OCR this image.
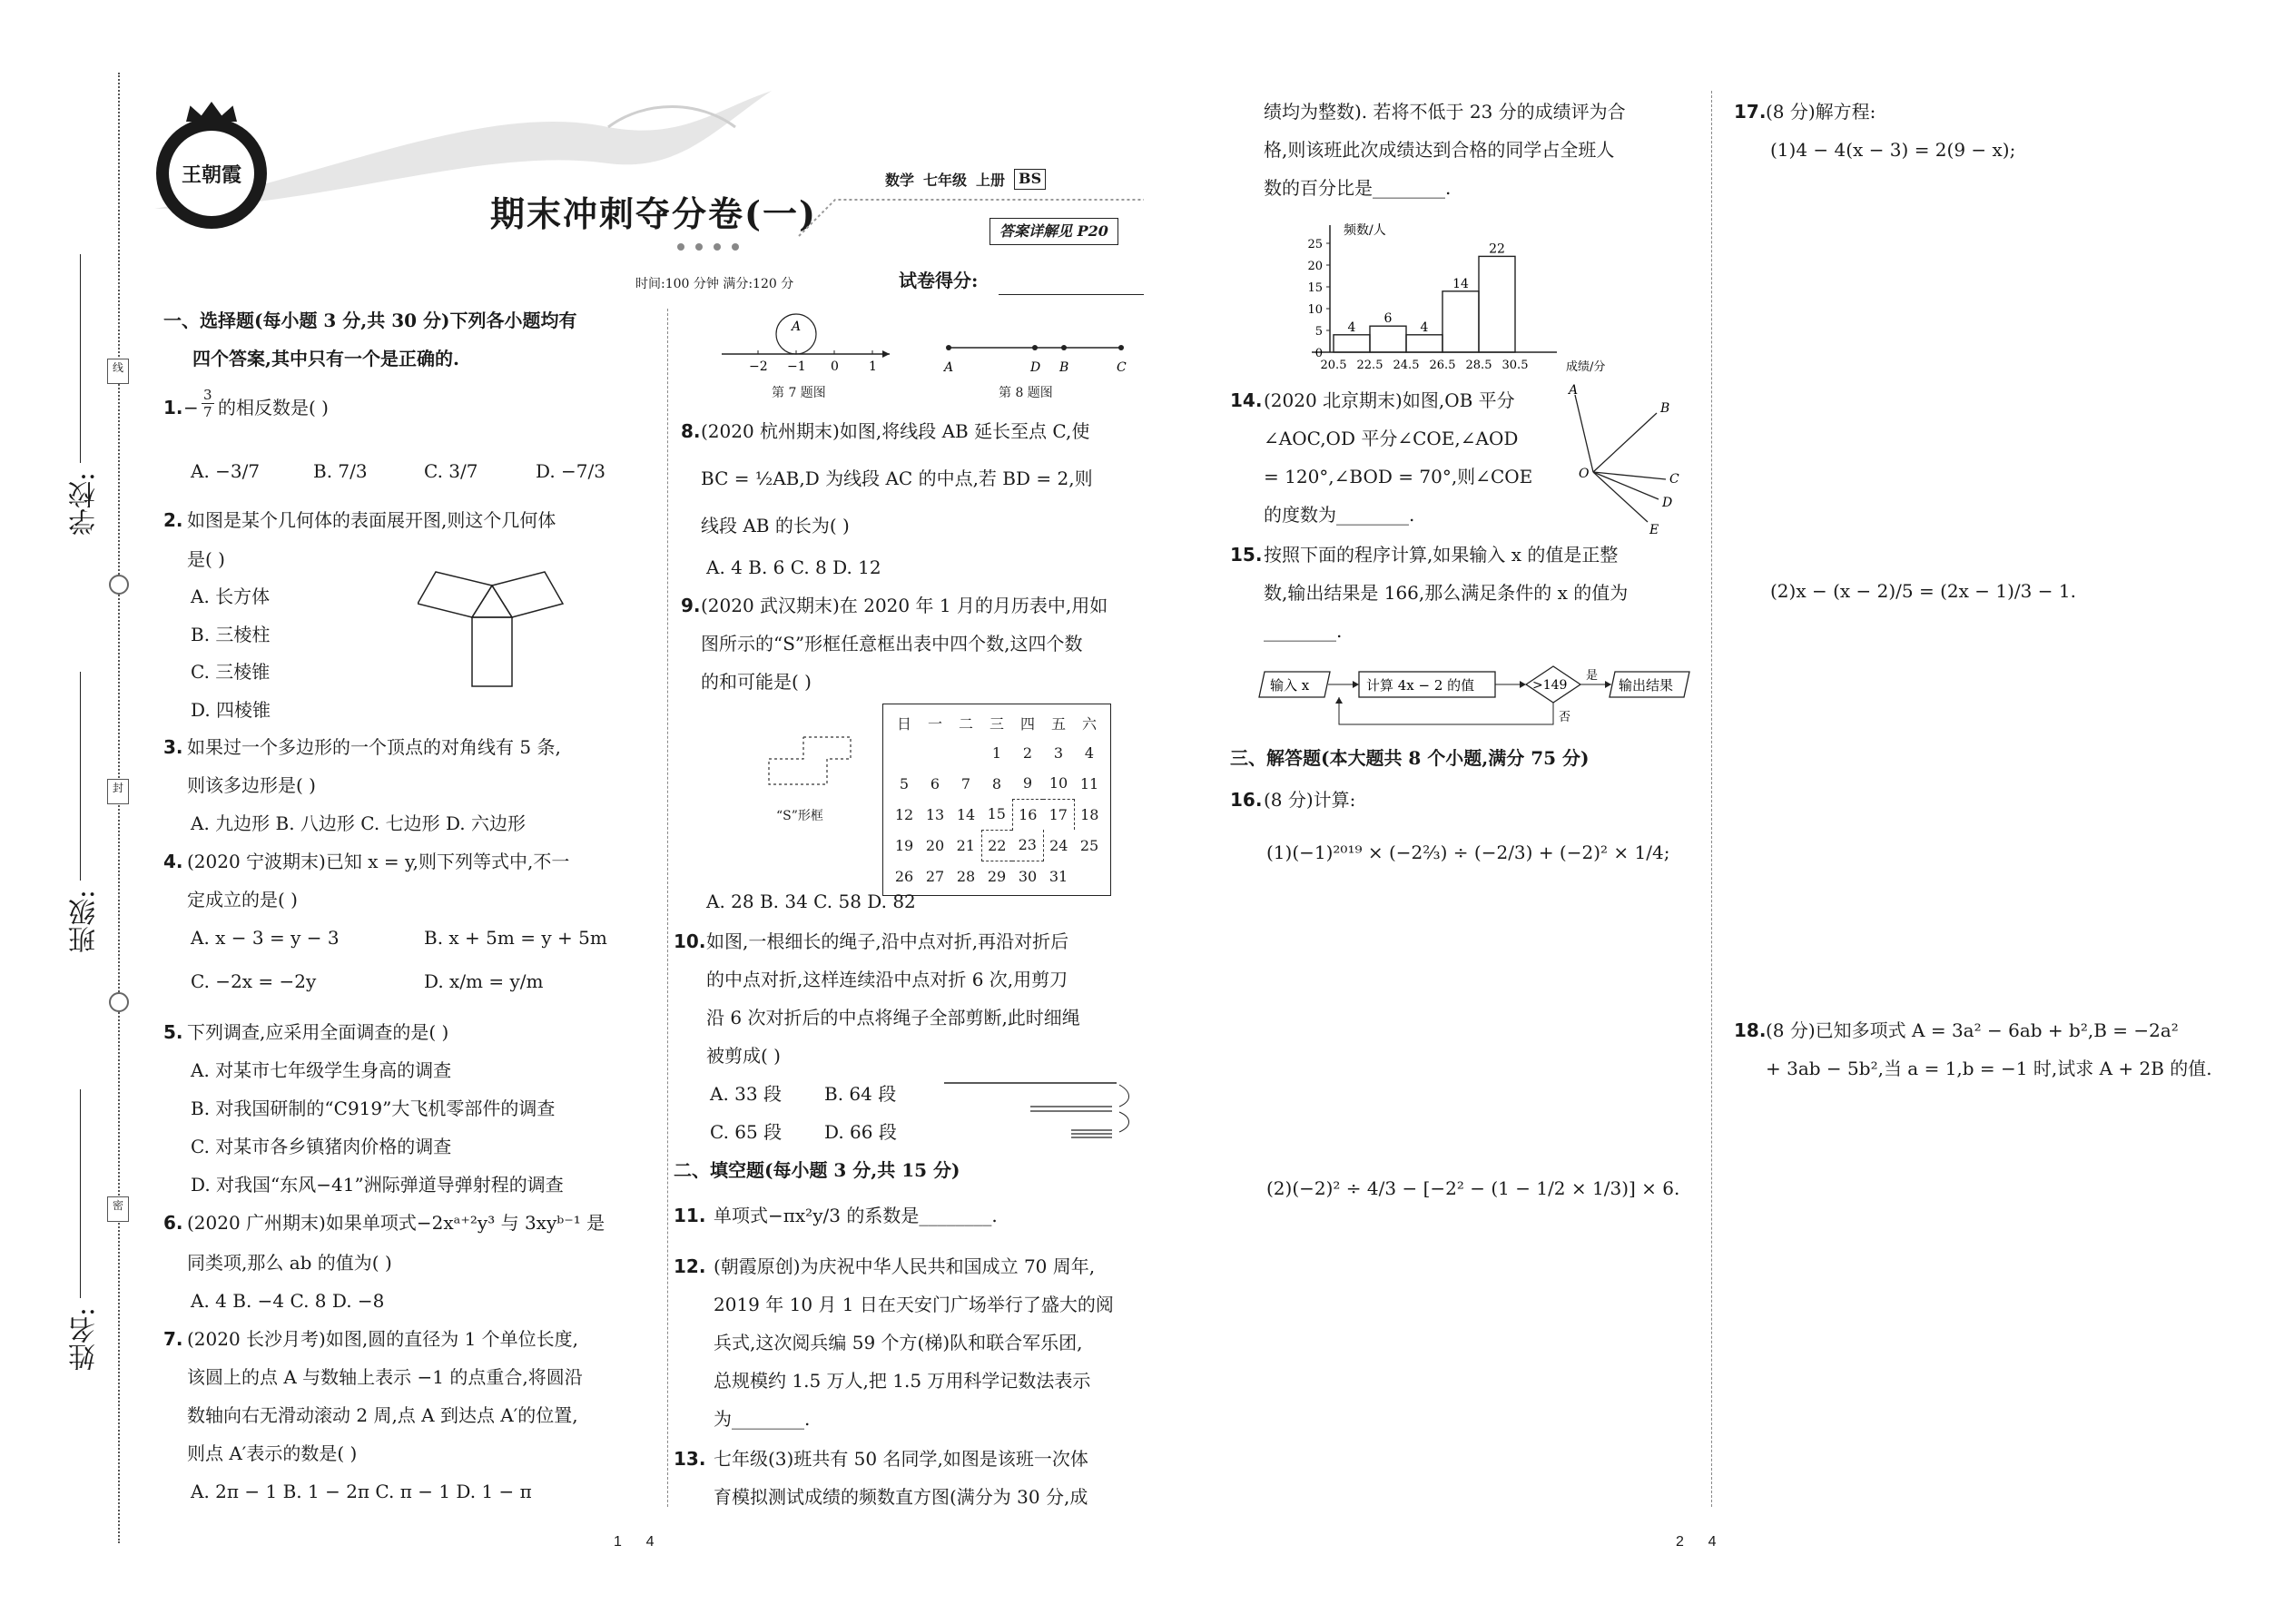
学校:
班级:
姓名:
线
封
密
王朝霞
期末冲刺夺分卷(一)
数学 七年级 上册 BS
答案详解见 P20
时间:100 分钟 满分:120 分	试卷得分:
一、选择题(每小题 3 分,共 30 分)下列各小题均有
四个答案,其中只有一个是正确的.
1. −
3
7 的相反数是( )
A. −3/7	B. 7/3	C. 3/7	D. −7/3
2. 如图是某个几何体的表面展开图,则这个几何体
是( )
A. 长方体
B. 三棱柱
C. 三棱锥
D. 四棱锥
3. 如果过一个多边形的一个顶点的对角线有 5 条,
则该多边形是( )
A. 九边形 B. 八边形 C. 七边形 D. 六边形
4. (2020 宁波期末)已知 x = y,则下列等式中,不一
定成立的是( )
A. x − 3 = y − 3	B. x + 5m = y + 5m
C. −2x = −2y	D. x/m = y/m
5. 下列调查,应采用全面调查的是( )
A. 对某市七年级学生身高的调查
B. 对我国研制的“C919”大飞机零部件的调查
C. 对某市各乡镇猪肉价格的调查
D. 对我国“东风−41”洲际弹道导弹射程的调查
6. (2020 广州期末)如果单项式−2xᵃ⁺²y³ 与 3xyᵇ⁻¹ 是
同类项,那么 ab 的值为( )
A. 4 B. −4 C. 8 D. −8
7. (2020 长沙月考)如图,圆的直径为 1 个单位长度,
该圆上的点 A 与数轴上表示 −1 的点重合,将圆沿
数轴向右无滑动滚动 2 周,点 A 到达点 A′的位置,
则点 A′表示的数是( )
A. 2π − 1 B. 1 − 2π C. π − 1 D. 1 − π
A
−2 −1 0 1
第 7 题图
A	D B	C
第 8 题图
8. (2020 杭州期末)如图,将线段 AB 延长至点 C,使
BC = ½AB,D 为线段 AC 的中点,若 BD = 2,则
线段 AB 的长为( )
A. 4 B. 6 C. 8 D. 12
9. (2020 武汉期末)在 2020 年 1 月的月历表中,用如
图所示的“S”形框任意框出表中四个数,这四个数
的和可能是( )
“S”形框
日	一	二	三	四	五	六
			1	2	3	4
5	6	7	8	9	10	11
12	13	14	15	16	17	18
19	20	21	22	23	24	25
26	27	28	29	30	31	
A. 28 B. 34 C. 58 D. 82
10. 如图,一根细长的绳子,沿中点对折,再沿对折后
的中点对折,这样连续沿中点对折 6 次,用剪刀
沿 6 次对折后的中点将绳子全部剪断,此时细绳
被剪成( )
A. 33 段 B. 64 段
C. 65 段 D. 66 段
二、填空题(每小题 3 分,共 15 分)
11. 单项式−πx²y/3 的系数是________.
12. (朝霞原创)为庆祝中华人民共和国成立 70 周年,
2019 年 10 月 1 日在天安门广场举行了盛大的阅
兵式,这次阅兵编 59 个方(梯)队和联合军乐团,
总规模约 1.5 万人,把 1.5 万用科学记数法表示
为________.
13. 七年级(3)班共有 50 名同学,如图是该班一次体
育模拟测试成绩的频数直方图(满分为 30 分,成
绩均为整数). 若将不低于 23 分的成绩评为合
格,则该班此次成绩达到合格的同学占全班人
数的百分比是________.
频数/人
成绩/分
0
5
10
15
20
25
4
6
4
14
22
20.5 22.5 24.5 26.5 28.5 30.5
14. (2020 北京期末)如图,OB 平分
∠AOC,OD 平分∠COE,∠AOD
= 120°,∠BOD = 70°,则∠COE
的度数为________.
A
B
O	C
D
E
15. 按照下面的程序计算,如果输入 x 的值是正整
数,输出结果是 166,那么满足条件的 x 的值为
________.
输入 x	计算 4x − 2 的值	>149
是
输出结果
否
三、解答题(本大题共 8 个小题,满分 75 分)
16. (8 分)计算:
(1)(−1)²⁰¹⁹ × (−2⅔) ÷ (−2/3) + (−2)² × 1/4;
(2)(−2)² ÷ 4/3 − [−2² − (1 − 1/2 × 1/3)] × 6.
17. (8 分)解方程:
(1)4 − 4(x − 3) = 2(9 − x);
(2)x − (x − 2)/5 = (2x − 1)/3 − 1.
18. (8 分)已知多项式 A = 3a² − 6ab + b²,B = −2a²
+ 3ab − 5b²,当 a = 1,b = −1 时,试求 A + 2B 的值.
1      4	2      4
